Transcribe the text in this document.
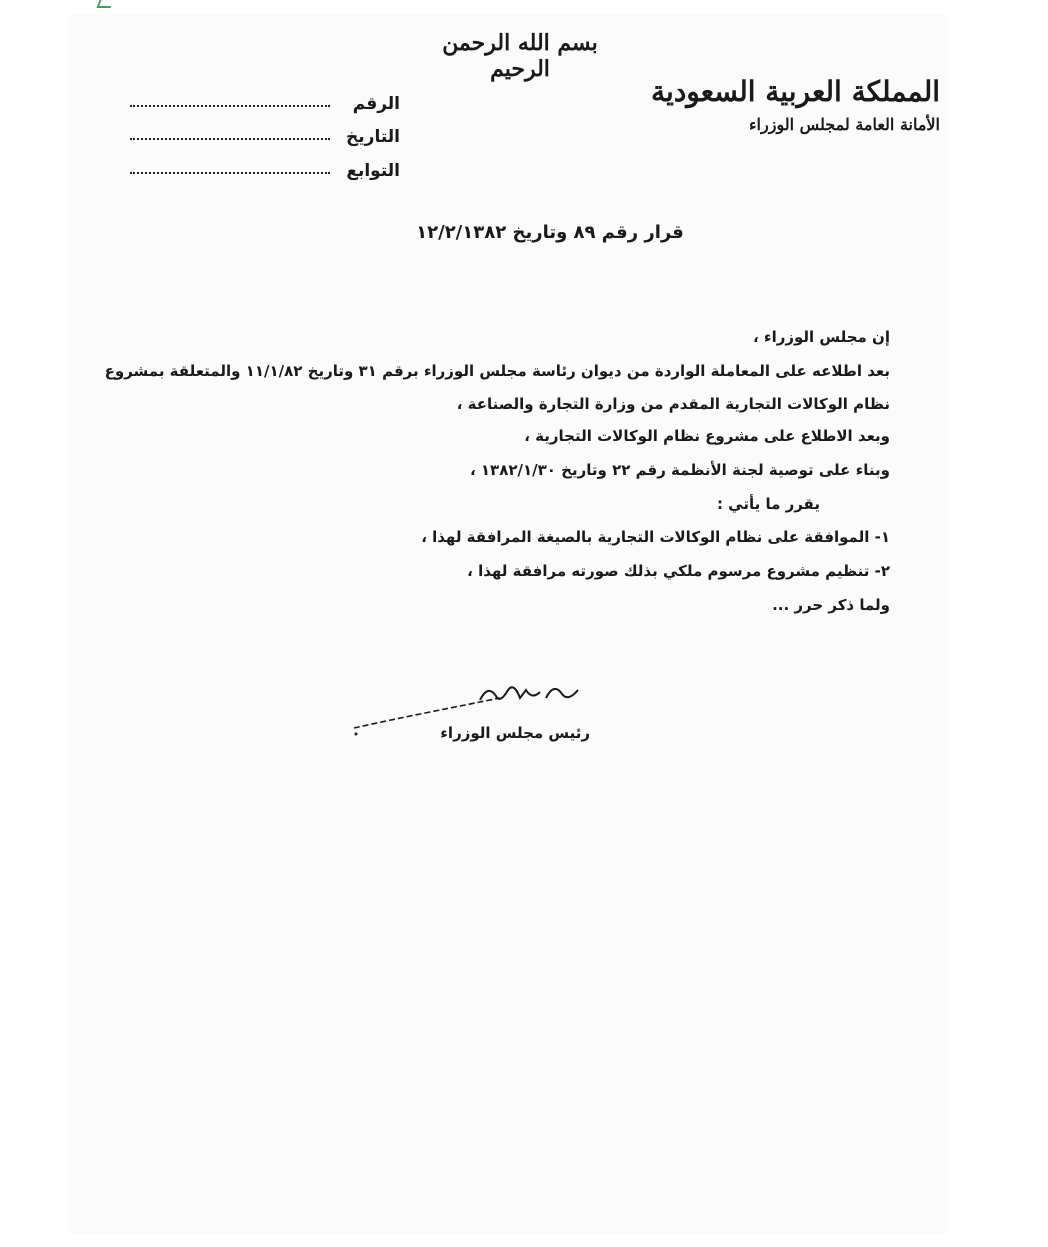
بسم الله الرحمن الرحيم
المملكة العربية السعودية
الأمانة العامة لمجلس الوزراء
الرقم
التاريخ
التوابع
قرار رقم ٨٩ وتاريخ ١٢/٢/١٣٨٢
إن مجلس الوزراء ،
بعد اطلاعه على المعاملة الواردة من ديوان رئاسة مجلس الوزراء برقم ٣١ وتاريخ ١١/١/٨٢ والمتعلقة بمشروع
نظام الوكالات التجارية المقدم من وزارة التجارة والصناعة ،
وبعد الاطلاع على مشروع نظام الوكالات التجارية ،
وبناء على توصية لجنة الأنظمة رقم ٢٢ وتاريخ ١٣٨٢/١/٣٠ ،
يقرر ما يأتي :
١- الموافقة على نظام الوكالات التجارية بالصيغة المرافقة لهذا ،
٢- تنظيم مشروع مرسوم ملكي بذلك صورته مرافقة لهذا ،
ولما ذكر حرر ...
رئيس مجلس الوزراء
